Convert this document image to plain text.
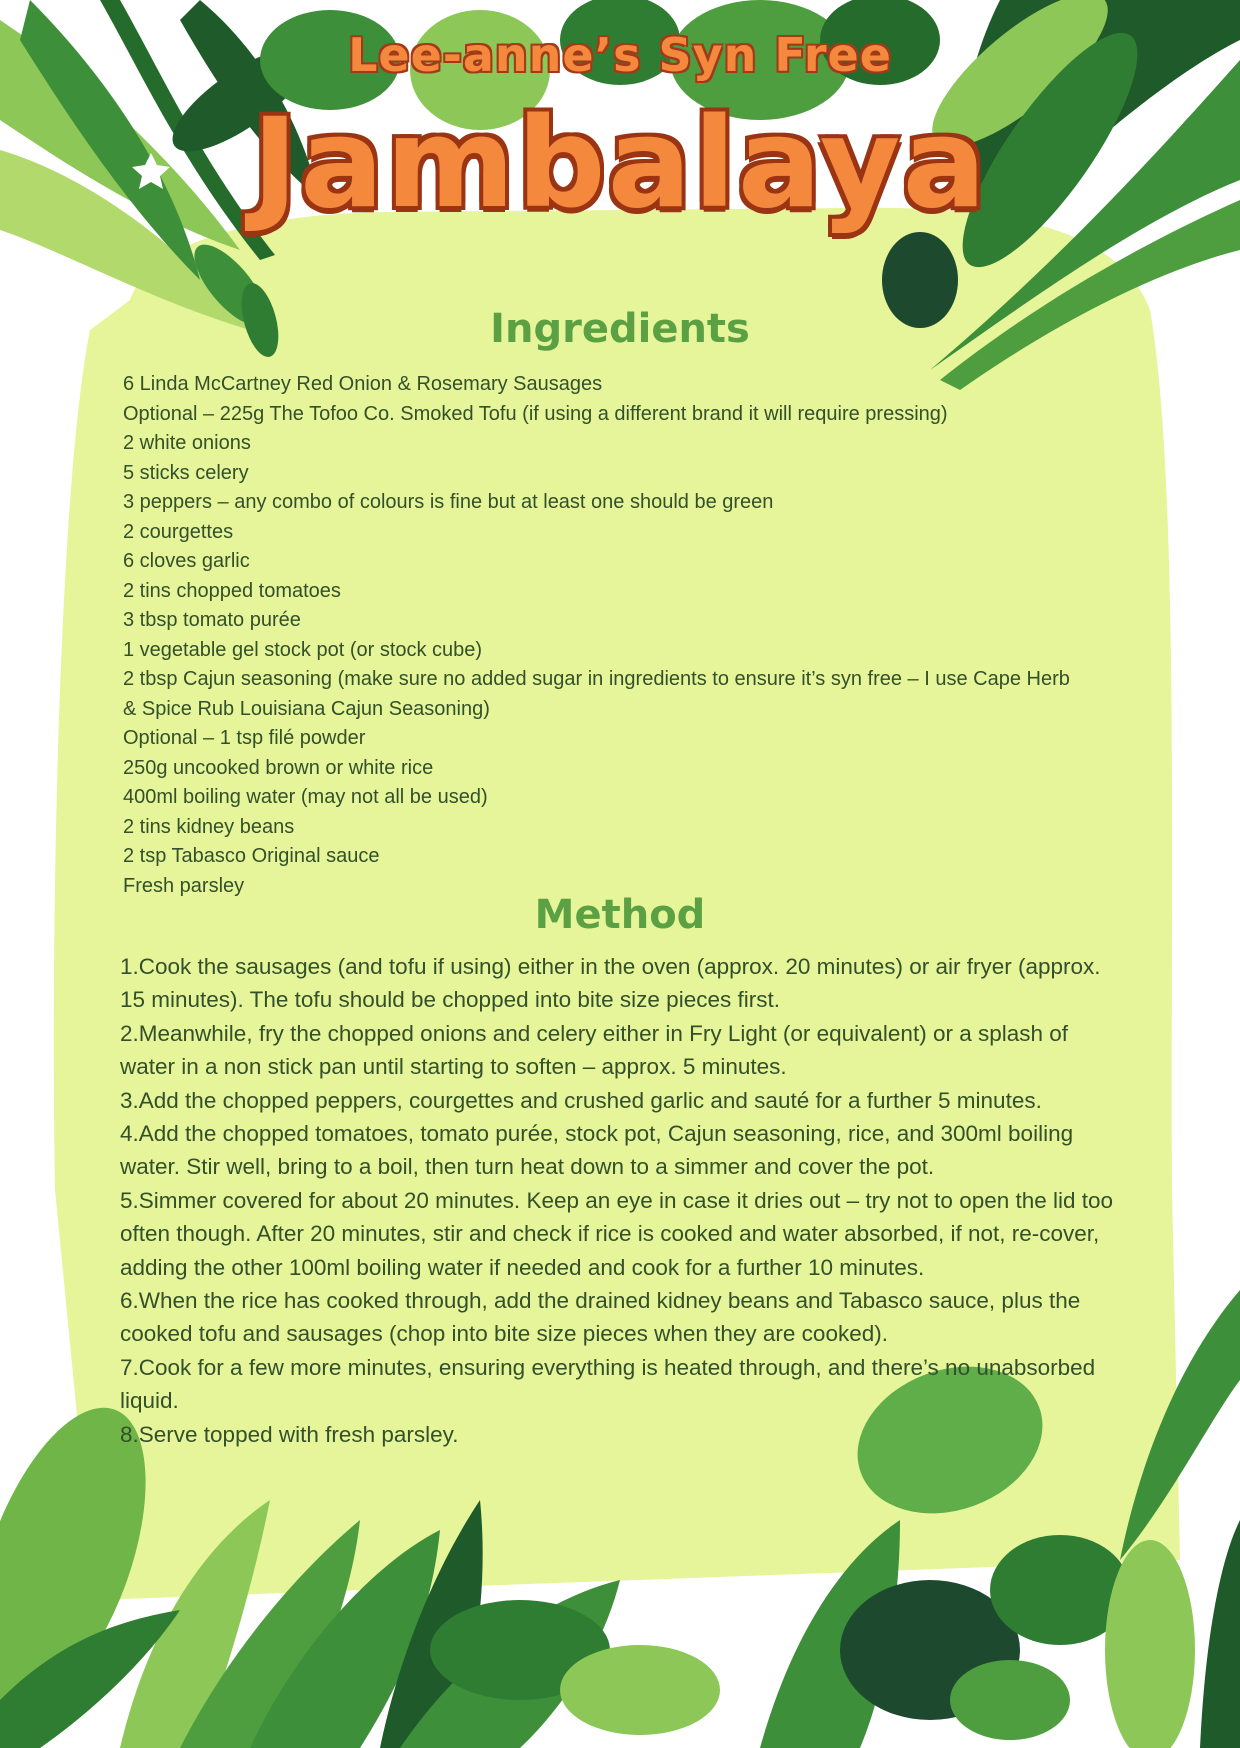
Lee-anne’s Syn Free
Jambalaya
Ingredients
6 Linda McCartney Red Onion & Rosemary Sausages
Optional – 225g The Tofoo Co. Smoked Tofu (if using a different brand it will require pressing)
2 white onions
5 sticks celery
3 peppers – any combo of colours is fine but at least one should be green
2 courgettes
6 cloves garlic
2 tins chopped tomatoes
3 tbsp tomato purée
1 vegetable gel stock pot (or stock cube)
2 tbsp Cajun seasoning (make sure no added sugar in ingredients to ensure it’s syn free – I use Cape Herb & Spice Rub Louisiana Cajun Seasoning)
Optional – 1 tsp filé powder
250g uncooked brown or white rice
400ml boiling water (may not all be used)
2 tins kidney beans
2 tsp Tabasco Original sauce
Fresh parsley
Method
1.Cook the sausages (and tofu if using) either in the oven (approx. 20 minutes) or air fryer (approx. 15 minutes). The tofu should be chopped into bite size pieces first.
2.Meanwhile, fry the chopped onions and celery either in Fry Light (or equivalent) or a splash of water in a non stick pan until starting to soften – approx. 5 minutes.
3.Add the chopped peppers, courgettes and crushed garlic and sauté for a further 5 minutes.
4.Add the chopped tomatoes, tomato purée, stock pot, Cajun seasoning, rice, and 300ml boiling water. Stir well, bring to a boil, then turn heat down to a simmer and cover the pot.
5.Simmer covered for about 20 minutes. Keep an eye in case it dries out – try not to open the lid too often though. After 20 minutes, stir and check if rice is cooked and water absorbed, if not, re-cover, adding the other 100ml boiling water if needed and cook for a further 10 minutes.
6.When the rice has cooked through, add the drained kidney beans and Tabasco sauce, plus the cooked tofu and sausages (chop into bite size pieces when they are cooked).
7.Cook for a few more minutes, ensuring everything is heated through, and there’s no unabsorbed liquid.
8.Serve topped with fresh parsley.
